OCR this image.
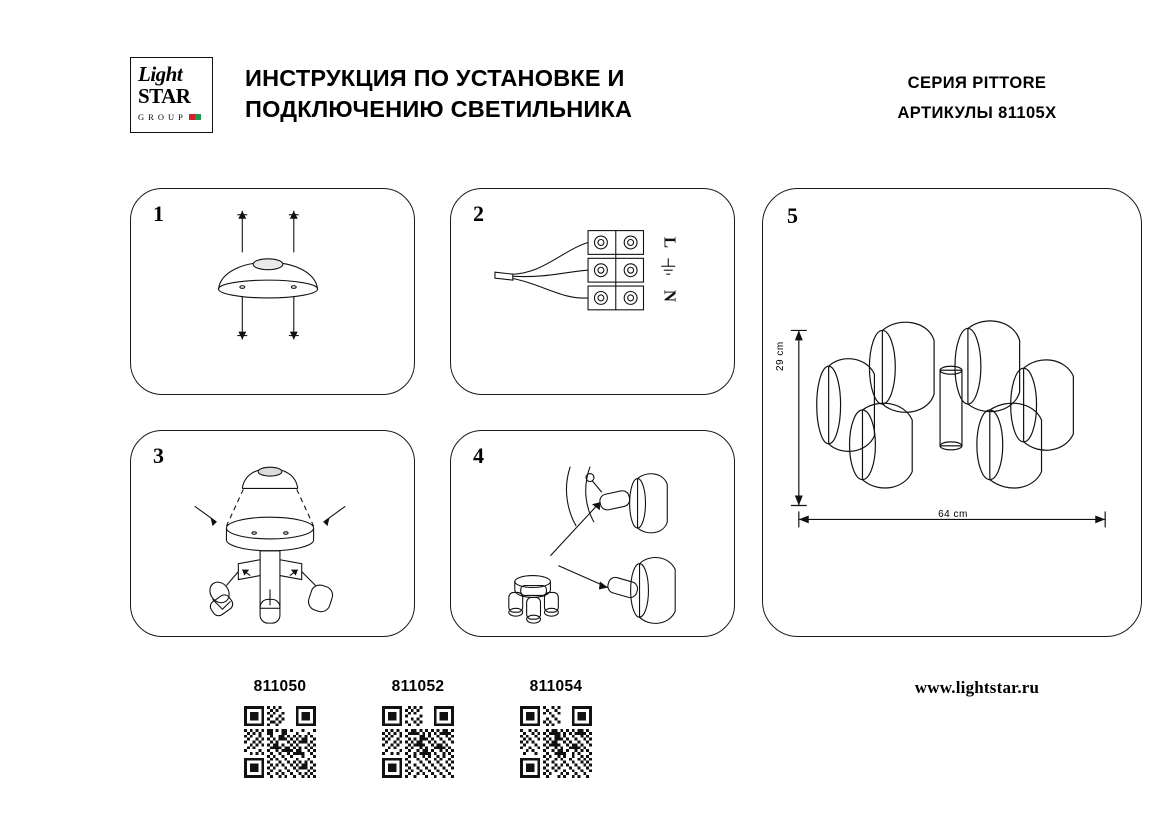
Light
STAR
G R O U P
ИНСТРУКЦИЯ ПО УСТАНОВКЕ И ПОДКЛЮЧЕНИЮ СВЕТИЛЬНИКА
СЕРИЯ PITTORE
АРТИКУЛЫ 81105X
1	2
L
N
3	4
5
29 cm
64 cm
811050	811052	811054	www.lightstar.ru
